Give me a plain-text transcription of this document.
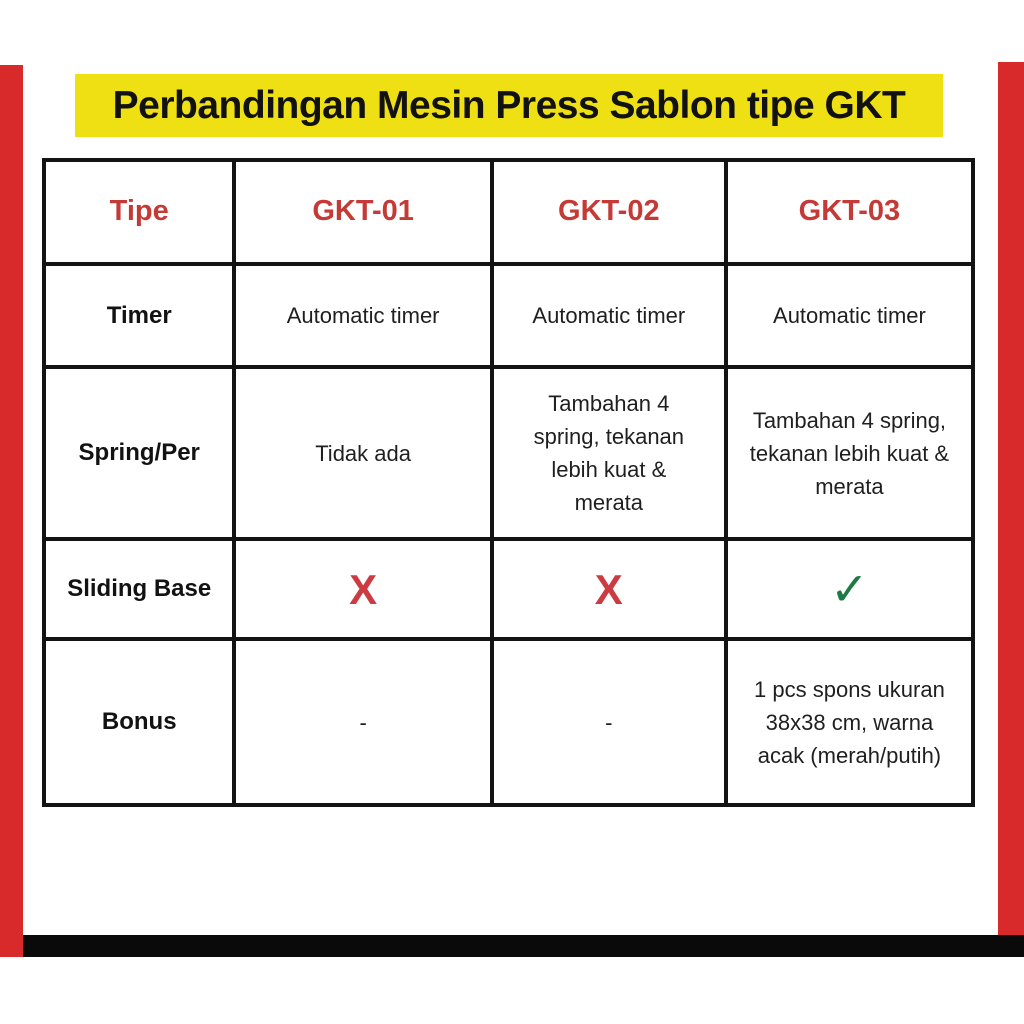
Perbandingan Mesin Press Sablon tipe GKT
Tipe	GKT-01	GKT-02	GKT-03
Timer	Automatic timer	Automatic timer	Automatic timer
Spring/Per	Tidak ada	Tambahan 4 spring, tekanan lebih kuat & merata	Tambahan 4 spring, tekanan lebih kuat & merata
Sliding Base	X	X	✓
Bonus	-	-	1 pcs spons ukuran 38x38 cm, warna acak (merah/putih)
